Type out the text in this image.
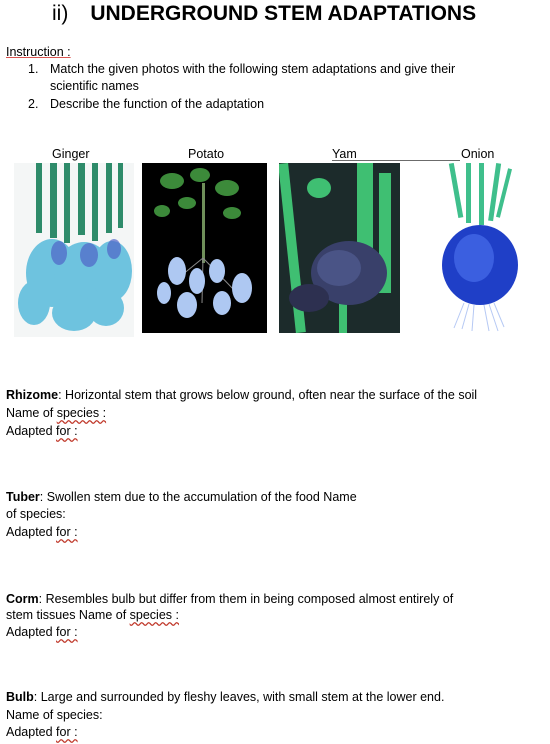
ii) UNDERGROUND STEM ADAPTATIONS
Instruction :
1. Match the given photos with the following stem adaptations and give their
scientific names
2. Describe the function of the adaptation
Ginger	Potato	Yam	Onion
Rhizome: Horizontal stem that grows below ground, often near the surface of the soil
Name of species :
Adapted for :
Tuber: Swollen stem due to the accumulation of the food Name
of species:
Adapted for :
Corm: Resembles bulb but differ from them in being composed almost entirely of
stem tissues Name of species :
Adapted for :
Bulb: Large and surrounded by fleshy leaves, with small stem at the lower end.
Name of species:
Adapted for :
